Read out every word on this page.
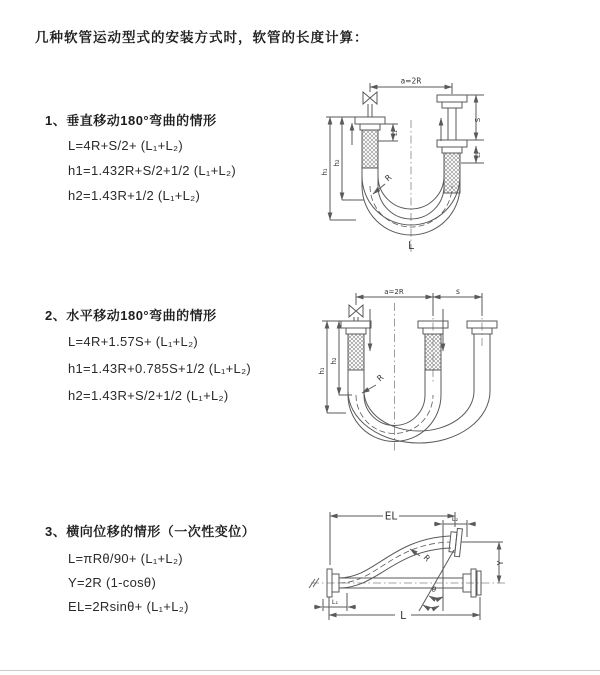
几种软管运动型式的安装方式时，软管的长度计算：
1、垂直移动180°弯曲的情形
L=4R+S/2+ (L₁+L₂)
h1=1.432R+S/2+1/2 (L₁+L₂)
h2=1.43R+1/2 (L₁+L₂)
2、水平移动180°弯曲的情形
L=4R+1.57S+ (L₁+L₂)
h1=1.43R+0.785S+1/2 (L₁+L₂)
h2=1.43R+S/2+1/2 (L₁+L₂)
3、横向位移的情形（一次性变位）
L=πRθ/90+ (L₁+L₂)
Y=2R (1-cosθ)
EL=2Rsinθ+ (L₁+L₂)
a=2R
h₁
h₂
S
L₂
L₁
R
L
a=2R	s
h₁
h₂
R
EL	L₂
Y
R
θ
L
L₁
